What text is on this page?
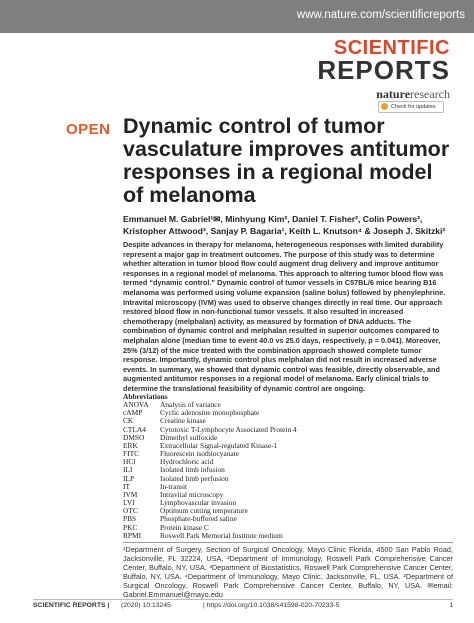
www.nature.com/scientificreports
SCIENTIFIC
REPORTS
natureresearch
Check for updates
OPEN Dynamic control of tumor vasculature improves antitumor responses in a regional model of melanoma
Emmanuel M. Gabriel¹✉, Minhyung Kim², Daniel T. Fisher², Colin Powers², Kristopher Attwood³, Sanjay P. Bagaria¹, Keith L. Knutson⁴ & Joseph J. Skitzki²
Despite advances in therapy for melanoma, heterogeneous responses with limited durability represent a major gap in treatment outcomes. The purpose of this study was to determine whether alteration in tumor blood flow could augment drug delivery and improve antitumor responses in a regional model of melanoma. This approach to altering tumor blood flow was termed “dynamic control.” Dynamic control of tumor vessels in C57BL/6 mice bearing B16 melanoma was performed using volume expansion (saline bolus) followed by phenylephrine. Intravital microscopy (IVM) was used to observe changes directly in real time. Our approach restored blood flow in non-functional tumor vessels. It also resulted in increased chemotherapy (melphalan) activity, as measured by formation of DNA adducts. The combination of dynamic control and melphalan resulted in superior outcomes compared to melphalan alone (median time to event 40.0 vs 25.0 days, respectively, p = 0.041). Moreover, 25% (3/12) of the mice treated with the combination approach showed complete tumor response. Importantly, dynamic control plus melphalan did not result in increased adverse events. In summary, we showed that dynamic control was feasible, directly observable, and augmented antitumor responses in a regional model of melanoma. Early clinical trials to determine the translational feasibility of dynamic control are ongoing.
Abbreviations
ANOVA	Analysis of variance
cAMP	Cyclic adenosine monophosphate
CK	Creatine kinase
CTLA4	Cytotoxic T-Lymphocyte Associated Protein 4
DMSO	Dimethyl sulfoxide
ERK	Extracellular Signal-regulated Kinase-1
FITC	Fluorescein isothiocyanate
HCl	Hydrochloric acid
ILI	Isolated limb infusion
ILP	Isolated limb perfusion
IT	In-transit
IVM	Intravital microscopy
LVI	Lymphovascular invasion
OTC	Optimum cutting temperature
PBS	Phosphate-buffered saline
PKC	Protein kinase C
RPMI	Roswell Park Memorial Institute medium
¹Department of Surgery, Section of Surgical Oncology, Mayo Clinic Florida, 4500 San Pablo Road, Jacksonville, FL 32224, USA. ²Department of Immunology, Roswell Park Comprehensive Cancer Center, Buffalo, NY, USA. ³Department of Biostatistics, Roswell Park Comprehensive Cancer Center, Buffalo, NY, USA. ⁴Department of Immunology, Mayo Clinic, Jacksonville, FL, USA. ²Department of Surgical Oncology, Roswell Park Comprehensive Cancer Center, Buffalo, NY, USA. ✉email: Gabriel.Emmanuel@mayo.edu
SCIENTIFIC REPORTS | (2020) 10:13245	| https://doi.org/10.1038/s41598-020-70233-5	1
